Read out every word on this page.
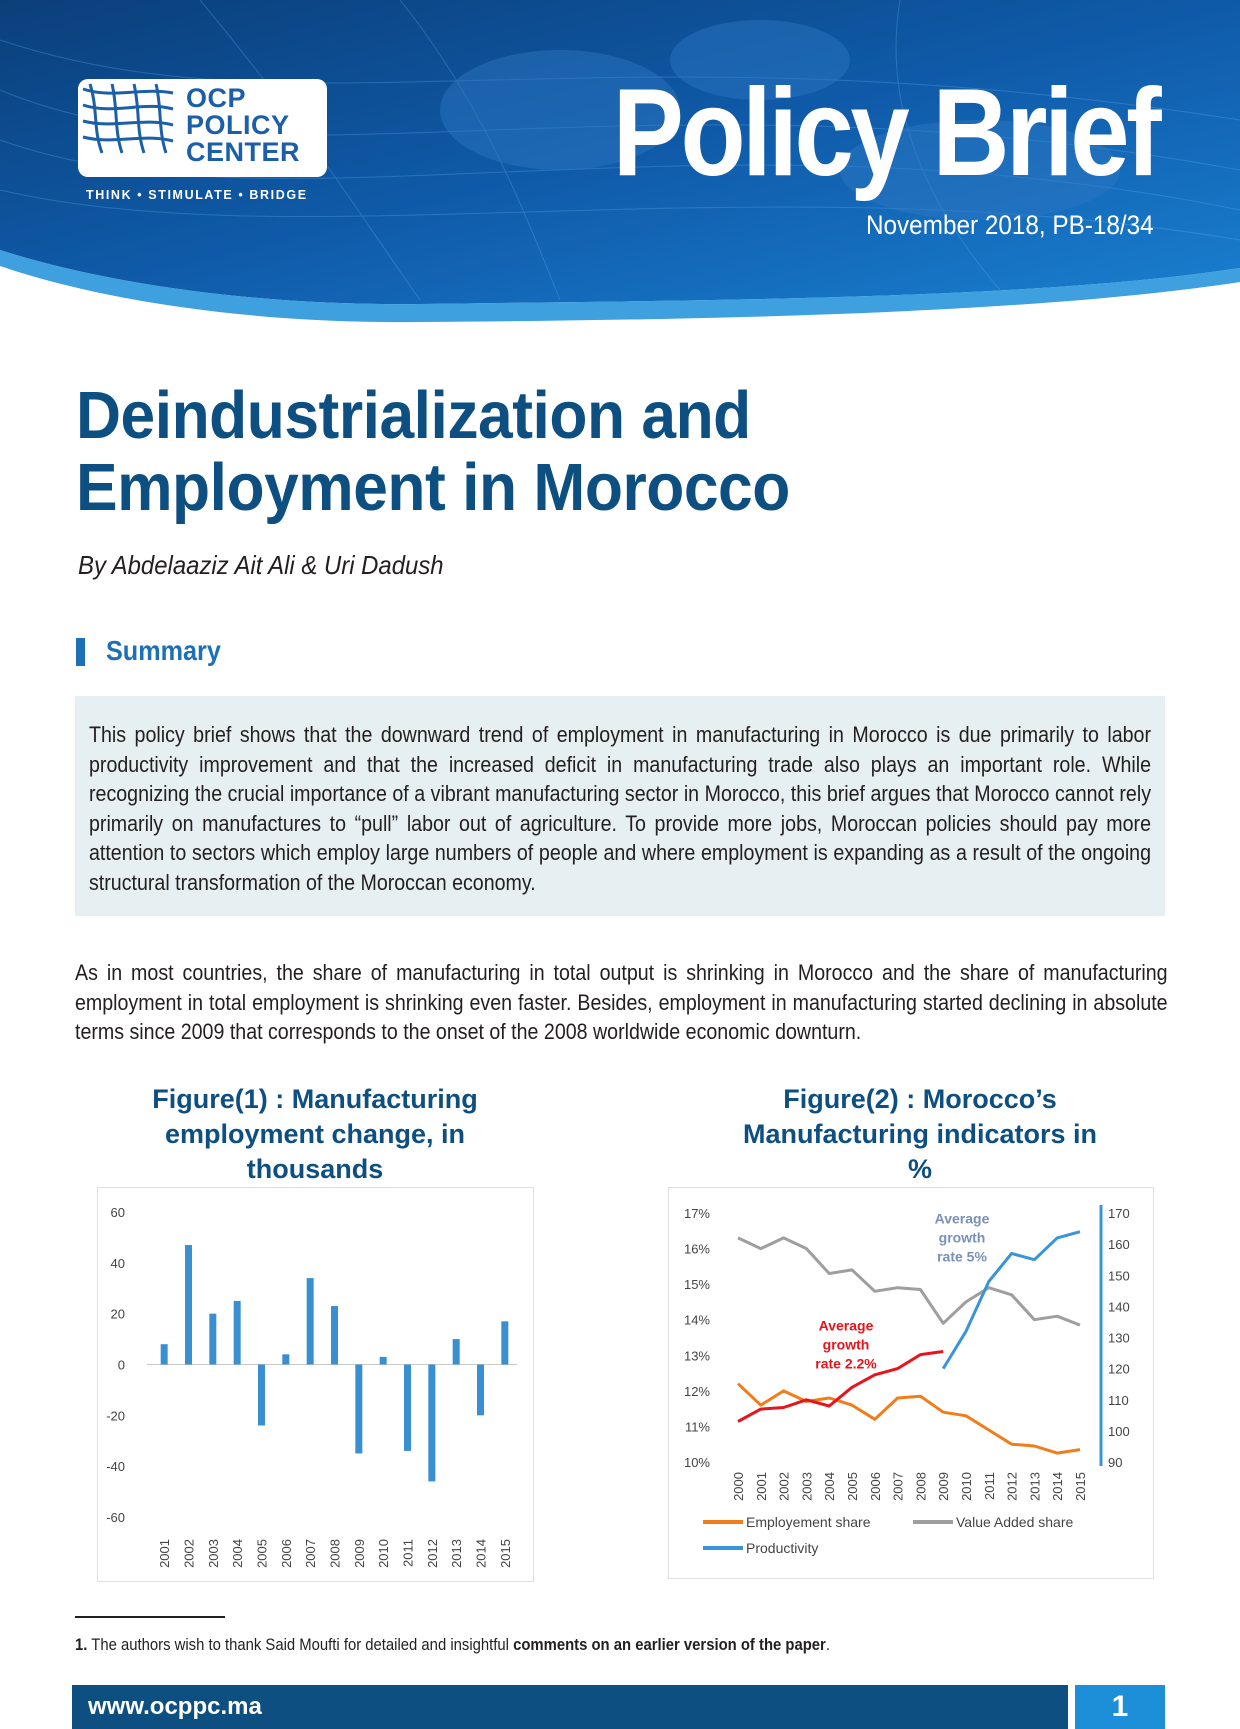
OCP
POLICY
CENTER
THINK • STIMULATE • BRIDGE Policy Brief
November 2018, PB-18/34
Deindustrialization and Employment in Morocco
By Abdelaaziz Ait Ali & Uri Dadush
Summary

This policy brief shows that the downward trend of employment in manufacturing in Morocco is due primarily to labor productivity improvement and that the increased deficit in manufacturing trade also plays an important role. While recognizing the crucial importance of a vibrant manufacturing sector in Morocco, this brief argues that Morocco cannot rely primarily on manufactures to “pull” labor out of agriculture. To provide more jobs, Moroccan policies should pay more attention to sectors which employ large numbers of people and where employment is expanding as a result of the ongoing structural transformation of the Moroccan economy.

As in most countries, the share of manufacturing in total output is shrinking in Morocco and the share of manufacturing employment in total employment is shrinking even faster. Besides, employment in manufacturing started declining in absolute terms since 2009 that corresponds to the onset of the 2008 worldwide economic downturn.

Figure(1) : Manufacturing employment change, in thousands
Figure(2) : Morocco’s Manufacturing indicators in %
60
40
20
0
-20
-40
-60
2001 2002 2003 2004 2005 2006 2007 2008 2009 2010 2011 2012 2013 2014 2015
17%
16%
15%
14%
13%
12%
11%
10%
170
160
150
140
130
120
110
100
90
2000 2001 2002 2003 2004 2005 2006 2007 2008 2009 2010 2011 2012 2013 2014 2015
Average
growth
rate 2.2%
Average
growth
rate 5%
Employement share	Value Added share
Productivity
1. The authors wish to thank Said Moufti for detailed and insightful comments on an earlier version of the paper.
www.ocppc.ma	1
